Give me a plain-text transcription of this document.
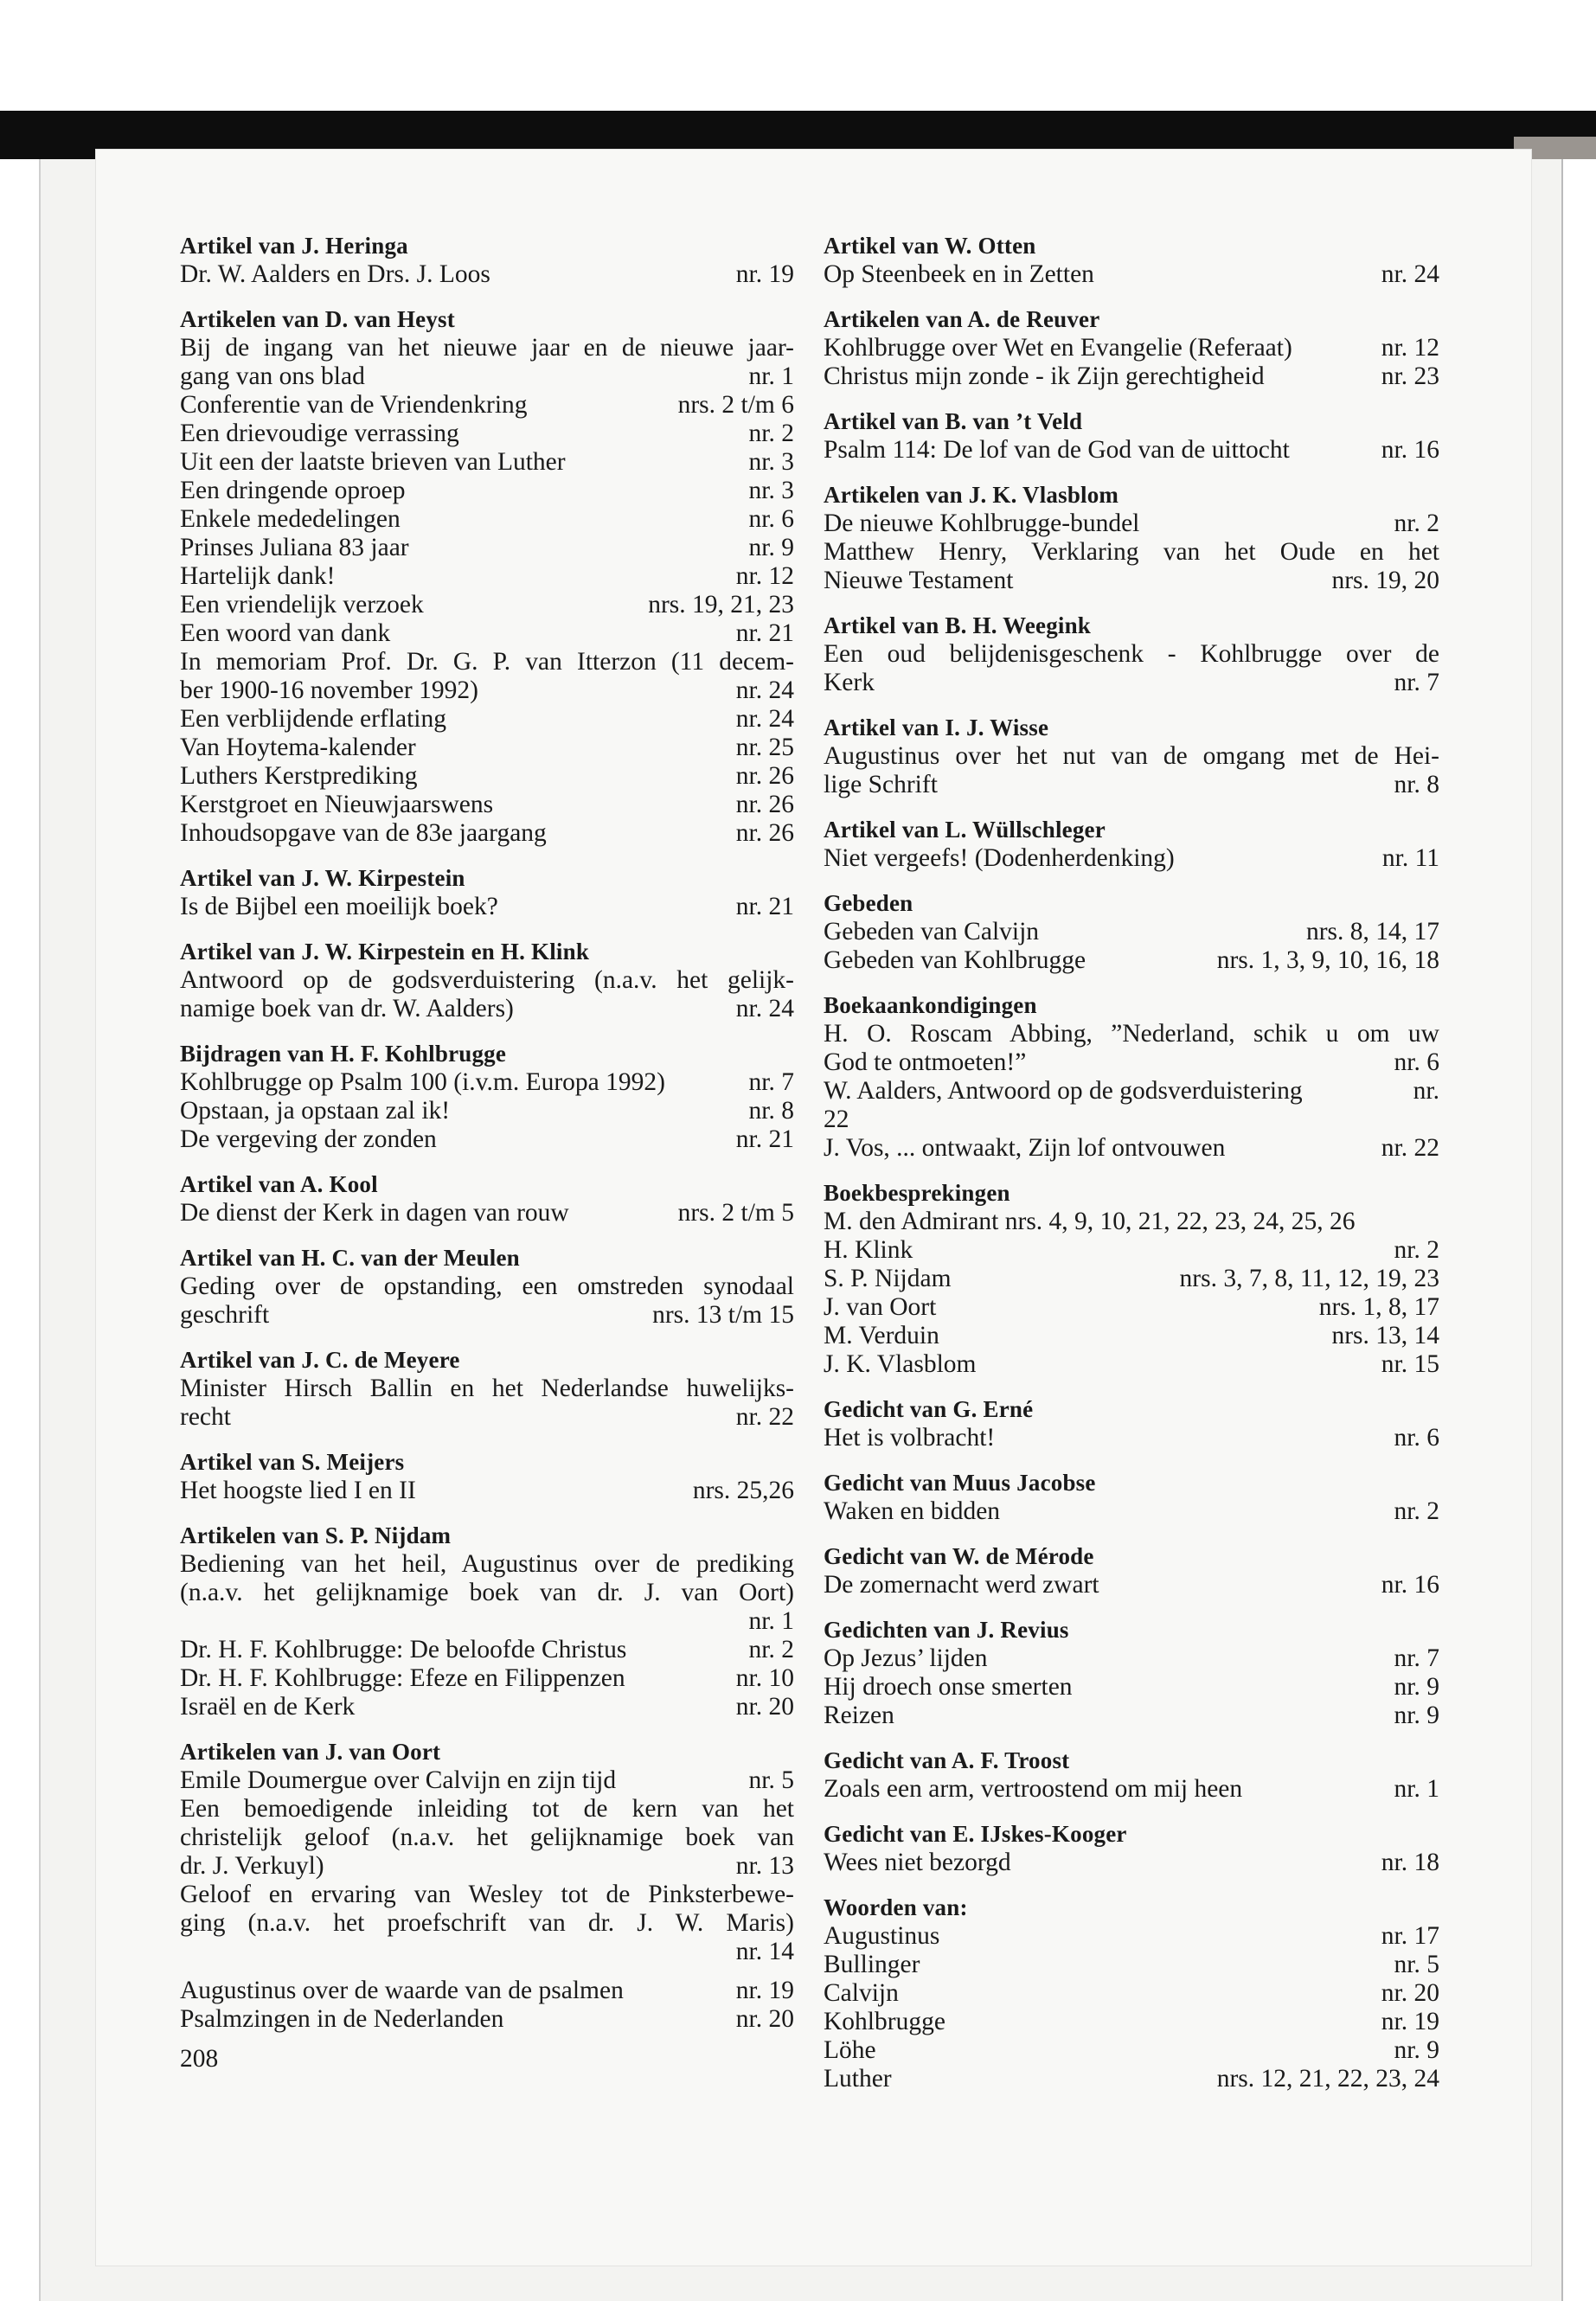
Artikel van J. Heringa
Dr. W. Aalders en Drs. J. Loos	nr. 19
Artikelen van D. van Heyst
Bij de ingang van het nieuwe jaar en de nieuwe jaar-
gang van ons blad	nr. 1
Conferentie van de Vriendenkring	nrs. 2 t/m 6
Een drievoudige verrassing	nr. 2
Uit een der laatste brieven van Luther	nr. 3
Een dringende oproep	nr. 3
Enkele mededelingen	nr. 6
Prinses Juliana 83 jaar	nr. 9
Hartelijk dank!	nr. 12
Een vriendelijk verzoek	nrs. 19, 21, 23
Een woord van dank	nr. 21
In memoriam Prof. Dr. G. P. van Itterzon (11 decem-
ber 1900-16 november 1992)	nr. 24
Een verblijdende erflating	nr. 24
Van Hoytema-kalender	nr. 25
Luthers Kerstprediking	nr. 26
Kerstgroet en Nieuwjaarswens	nr. 26
Inhoudsopgave van de 83e jaargang	nr. 26
Artikel van J. W. Kirpestein
Is de Bijbel een moeilijk boek?	nr. 21
Artikel van J. W. Kirpestein en H. Klink
Antwoord op de godsverduistering (n.a.v. het gelijk-
namige boek van dr. W. Aalders)	nr. 24
Bijdragen van H. F. Kohlbrugge
Kohlbrugge op Psalm 100 (i.v.m. Europa 1992)	nr. 7
Opstaan, ja opstaan zal ik!	nr. 8
De vergeving der zonden	nr. 21
Artikel van A. Kool
De dienst der Kerk in dagen van rouw	nrs. 2 t/m 5
Artikel van H. C. van der Meulen
Geding over de opstanding, een omstreden synodaal
geschrift	nrs. 13 t/m 15
Artikel van J. C. de Meyere
Minister Hirsch Ballin en het Nederlandse huwelijks-
recht	nr. 22
Artikel van S. Meijers
Het hoogste lied I en II	nrs. 25,26
Artikelen van S. P. Nijdam
Bediening van het heil, Augustinus over de prediking
(n.a.v. het gelijknamige boek van dr. J. van Oort)
nr. 1
Dr. H. F. Kohlbrugge: De beloofde Christus	nr. 2
Dr. H. F. Kohlbrugge: Efeze en Filippenzen	nr. 10
Israël en de Kerk	nr. 20
Artikelen van J. van Oort
Emile Doumergue over Calvijn en zijn tijd	nr. 5
Een bemoedigende inleiding tot de kern van het
christelijk geloof (n.a.v. het gelijknamige boek van
dr. J. Verkuyl)	nr. 13
Geloof en ervaring van Wesley tot de Pinksterbewe-
ging (n.a.v. het proefschrift van dr. J. W. Maris)
nr. 14
Augustinus over de waarde van de psalmen	nr. 19
Psalmzingen in de Nederlanden	nr. 20
Artikel van W. Otten
Op Steenbeek en in Zetten	nr. 24
Artikelen van A. de Reuver
Kohlbrugge over Wet en Evangelie (Referaat)	nr. 12
Christus mijn zonde - ik Zijn gerechtigheid	nr. 23
Artikel van B. van ’t Veld
Psalm 114: De lof van de God van de uittocht	nr. 16
Artikelen van J. K. Vlasblom
De nieuwe Kohlbrugge-bundel	nr. 2
Matthew Henry, Verklaring van het Oude en het
Nieuwe Testament	nrs. 19, 20
Artikel van B. H. Weegink
Een oud belijdenisgeschenk - Kohlbrugge over de
Kerk	nr. 7
Artikel van I. J. Wisse
Augustinus over het nut van de omgang met de Hei-
lige Schrift	nr. 8
Artikel van L. Wüllschleger
Niet vergeefs! (Dodenherdenking)	nr. 11
Gebeden
Gebeden van Calvijn	nrs. 8, 14, 17
Gebeden van Kohlbrugge	nrs. 1, 3, 9, 10, 16, 18
Boekaankondigingen
H. O. Roscam Abbing, ”Nederland, schik u om uw
God te ontmoeten!”	nr. 6
W. Aalders, Antwoord op de godsverduistering	nr.
22
J. Vos, ... ontwaakt, Zijn lof ontvouwen	nr. 22
Boekbesprekingen
M. den Admirant nrs. 4, 9, 10, 21, 22, 23, 24, 25, 26
H. Klink	nr. 2
S. P. Nijdam	nrs. 3, 7, 8, 11, 12, 19, 23
J. van Oort	nrs. 1, 8, 17
M. Verduin	nrs. 13, 14
J. K. Vlasblom	nr. 15
Gedicht van G. Erné
Het is volbracht!	nr. 6
Gedicht van Muus Jacobse
Waken en bidden	nr. 2
Gedicht van W. de Mérode
De zomernacht werd zwart	nr. 16
Gedichten van J. Revius
Op Jezus’ lijden	nr. 7
Hij droech onse smerten	nr. 9
Reizen	nr. 9
Gedicht van A. F. Troost
Zoals een arm, vertroostend om mij heen	nr. 1
Gedicht van E. IJskes-Kooger
Wees niet bezorgd	nr. 18
Woorden van:
Augustinus	nr. 17
Bullinger	nr. 5
Calvijn	nr. 20
Kohlbrugge	nr. 19
Löhe	nr. 9
Luther	nrs. 12, 21, 22, 23, 24
208
